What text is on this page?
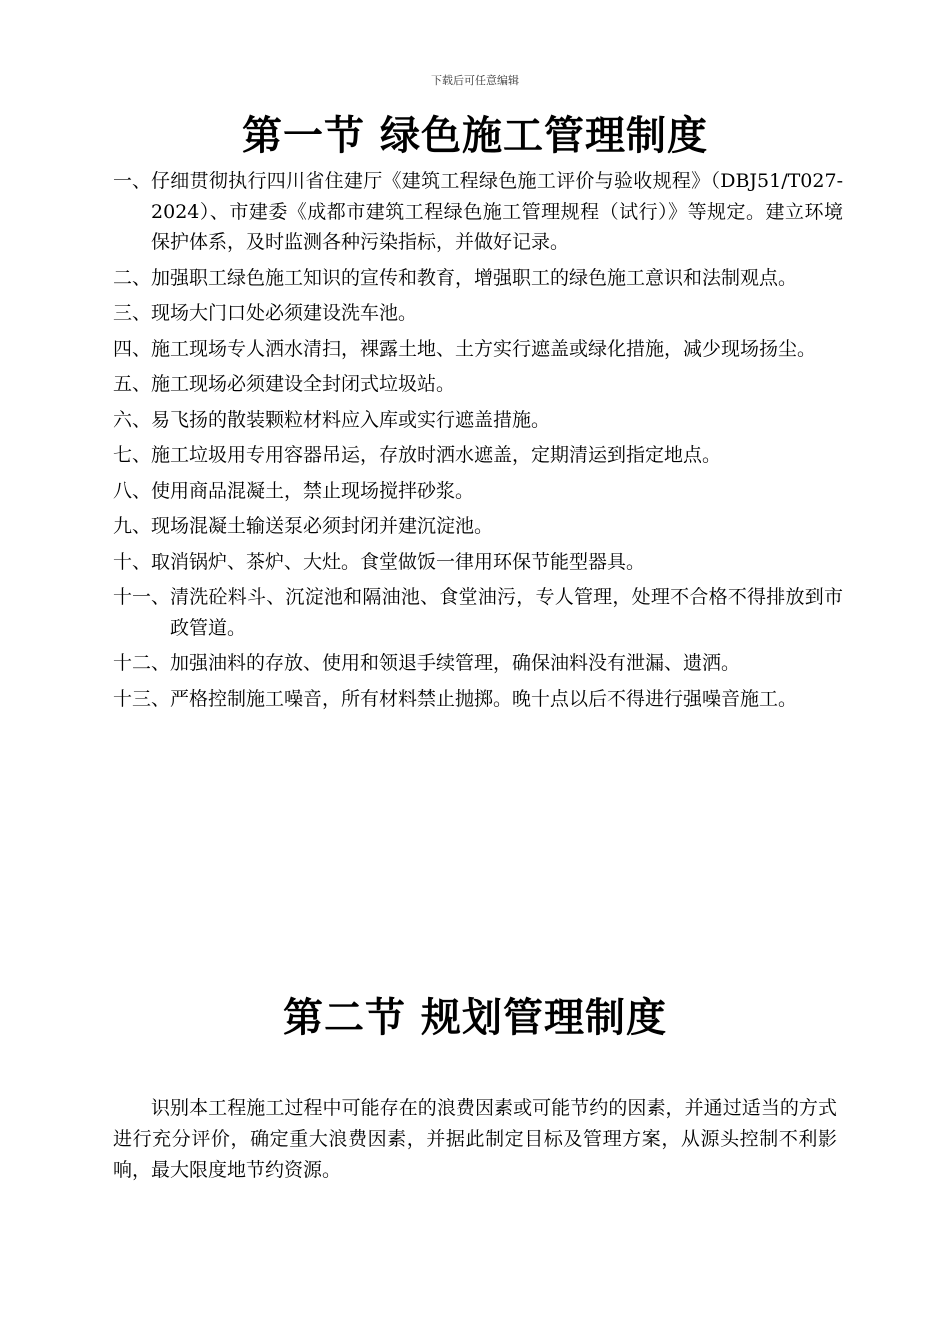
下载后可任意编辑
第一节 绿色施工管理制度
一、 仔细贯彻执行四川省住建厅《建筑工程绿色施工评价与验收规程》（DBJ51/T027-2024）、市建委《成都市建筑工程绿色施工管理规程（试行）》等规定。建立环境保护体系，及时监测各种污染指标，并做好记录。
二、 加强职工绿色施工知识的宣传和教育，增强职工的绿色施工意识和法制观点。
三、 现场大门口处必须建设洗车池。
四、 施工现场专人洒水清扫，裸露土地、土方实行遮盖或绿化措施，减少现场扬尘。
五、 施工现场必须建设全封闭式垃圾站。
六、 易飞扬的散装颗粒材料应入库或实行遮盖措施。
七、 施工垃圾用专用容器吊运，存放时洒水遮盖，定期清运到指定地点。
八、 使用商品混凝土，禁止现场搅拌砂浆。
九、 现场混凝土输送泵必须封闭并建沉淀池。
十、 取消锅炉、茶炉、大灶。食堂做饭一律用环保节能型器具。
十一、 清洗砼料斗、沉淀池和隔油池、食堂油污，专人管理，处理不合格不得排放到市政管道。
十二、 加强油料的存放、使用和领退手续管理，确保油料没有泄漏、遗洒。
十三、 严格控制施工噪音，所有材料禁止抛掷。晚十点以后不得进行强噪音施工。
第二节 规划管理制度
识别本工程施工过程中可能存在的浪费因素或可能节约的因素，并通过适当的方式进行充分评价，确定重大浪费因素，并据此制定目标及管理方案，从源头控制不利影响，最大限度地节约资源。
